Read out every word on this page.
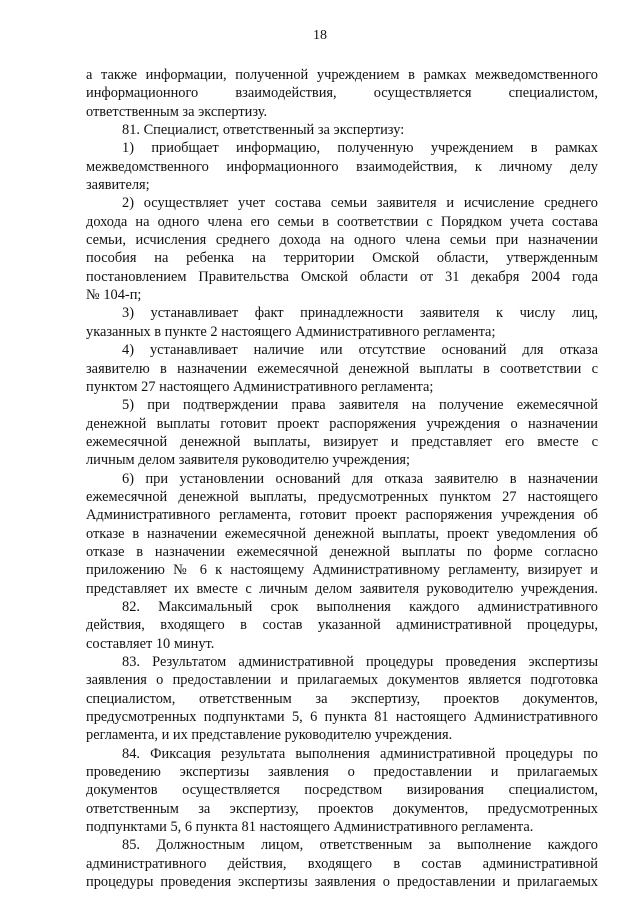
18
а также информации, полученной учреждением в рамках межведомственного
информационного взаимодействия, осуществляется специалистом,
ответственным за экспертизу.
81. Специалист, ответственный за экспертизу:
1) приобщает информацию, полученную учреждением в рамках
межведомственного информационного взаимодействия, к личному делу
заявителя;
2) осуществляет учет состава семьи заявителя и исчисление среднего
дохода на одного члена его семьи в соответствии с Порядком учета состава
семьи, исчисления среднего дохода на одного члена семьи при назначении
пособия на ребенка на территории Омской области, утвержденным
постановлением Правительства Омской области от 31 декабря 2004 года
№ 104-п;
3) устанавливает факт принадлежности заявителя к числу лиц,
указанных в пункте 2 настоящего Административного регламента;
4) устанавливает наличие или отсутствие оснований для отказа
заявителю в назначении ежемесячной денежной выплаты в соответствии с
пунктом 27 настоящего Административного регламента;
5) при подтверждении права заявителя на получение ежемесячной
денежной выплаты готовит проект распоряжения учреждения о назначении
ежемесячной денежной выплаты, визирует и представляет его вместе с
личным делом заявителя руководителю учреждения;
6) при установлении оснований для отказа заявителю в назначении
ежемесячной денежной выплаты, предусмотренных пунктом 27 настоящего
Административного регламента, готовит проект распоряжения учреждения об
отказе в назначении ежемесячной денежной выплаты, проект уведомления об
отказе в назначении ежемесячной денежной выплаты по форме согласно
приложению № 6 к настоящему Административному регламенту, визирует и
представляет их вместе с личным делом заявителя руководителю учреждения.
82. Максимальный срок выполнения каждого административного
действия, входящего в состав указанной административной процедуры,
составляет 10 минут.
83. Результатом административной процедуры проведения экспертизы
заявления о предоставлении и прилагаемых документов является подготовка
специалистом, ответственным за экспертизу, проектов документов,
предусмотренных подпунктами 5, 6 пункта 81 настоящего Административного
регламента, и их представление руководителю учреждения.
84. Фиксация результата выполнения административной процедуры по
проведению экспертизы заявления о предоставлении и прилагаемых
документов осуществляется посредством визирования специалистом,
ответственным за экспертизу, проектов документов, предусмотренных
подпунктами 5, 6 пункта 81 настоящего Административного регламента.
85. Должностным лицом, ответственным за выполнение каждого
административного действия, входящего в состав административной
процедуры проведения экспертизы заявления о предоставлении и прилагаемых
